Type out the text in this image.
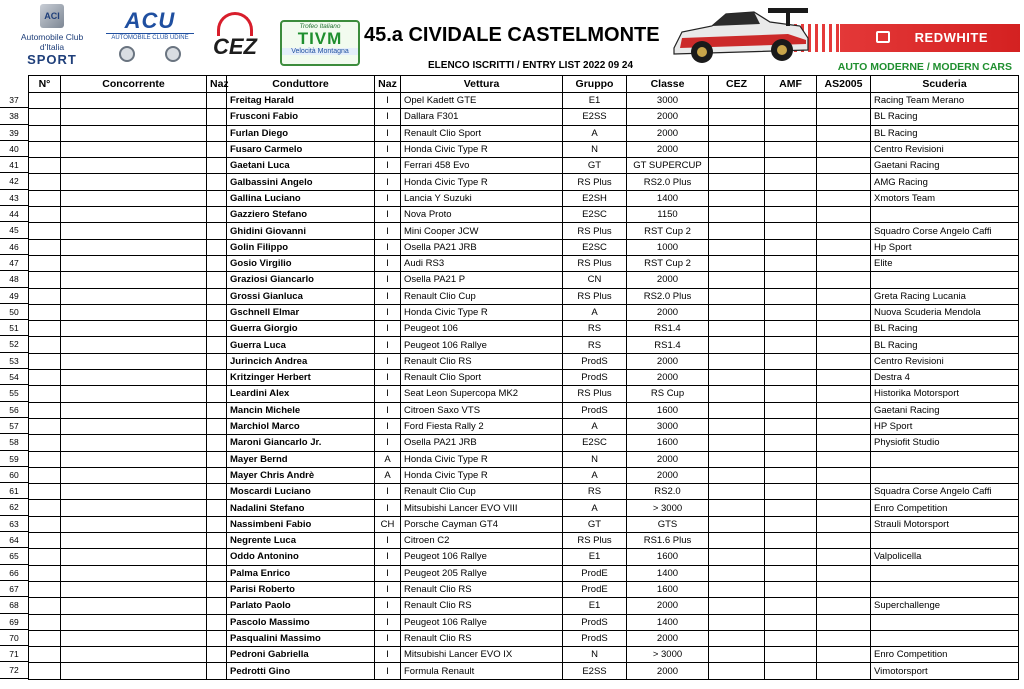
ACI
Automobile Club d'Italia
SPORT
ACU
AUTOMOBILE CLUB UDINE	CEZ
Trofeo Italiano
TIVM
Velocità Montagna
45.a CIVIDALE CASTELMONTE
ELENCO ISCRITTI / ENTRY LIST 2022 09 24
REDWHITE
AUTO MODERNE / MODERN CARS
37
38
39
40
41
42
43
44
45
46
47
48
49
50
51
52
53
54
55
56
57
58
59
60
61
62
63
64
65
66
67
68
69
70
71
72
N°	Concorrente	Naz	Conduttore	Naz	Vettura	Gruppo	Classe	CEZ	AMF	AS2005	Scuderia
			Freitag Harald	I	Opel Kadett GTE	E1	3000				Racing Team Merano
			Frusconi Fabio	I	Dallara F301	E2SS	2000				BL Racing
			Furlan Diego	I	Renault Clio Sport	A	2000				BL Racing
			Fusaro Carmelo	I	Honda Civic Type R	N	2000				Centro Revisioni
			Gaetani Luca	I	Ferrari 458 Evo	GT	GT SUPERCUP				Gaetani Racing
			Galbassini Angelo	I	Honda Civic Type R	RS Plus	RS2.0 Plus				AMG Racing
			Gallina Luciano	I	Lancia Y Suzuki	E2SH	1400				Xmotors Team
			Gazziero Stefano	I	Nova Proto	E2SC	1150				
			Ghidini Giovanni	I	Mini Cooper JCW	RS Plus	RST Cup 2				Squadro Corse Angelo Caffi
			Golin Filippo	I	Osella PA21 JRB	E2SC	1000				Hp Sport
			Gosio Virgilio	I	Audi RS3	RS Plus	RST Cup 2				Elite
			Graziosi Giancarlo	I	Osella PA21 P	CN	2000				
			Grossi Gianluca	I	Renault Clio Cup	RS Plus	RS2.0 Plus				Greta Racing Lucania
			Gschnell Elmar	I	Honda Civic Type R	A	2000				Nuova Scuderia Mendola
			Guerra Giorgio	I	Peugeot 106	RS	RS1.4				BL Racing
			Guerra Luca	I	Peugeot 106 Rallye	RS	RS1.4				BL Racing
			Jurincich Andrea	I	Renault Clio RS	ProdS	2000				Centro Revisioni
			Kritzinger Herbert	I	Renault Clio Sport	ProdS	2000				Destra 4
			Leardini Alex	I	Seat Leon Supercopa MK2	RS Plus	RS Cup				Historika Motorsport
			Mancin Michele	I	Citroen Saxo VTS	ProdS	1600				Gaetani Racing
			Marchiol Marco	I	Ford Fiesta Rally 2	A	3000				HP Sport
			Maroni Giancarlo Jr.	I	Osella PA21 JRB	E2SC	1600				Physiofit Studio
			Mayer Bernd	A	Honda Civic Type R	N	2000				
			Mayer Chris Andrè	A	Honda Civic Type R	A	2000				
			Moscardi Luciano	I	Renault Clio Cup	RS	RS2.0				Squadra Corse Angelo Caffi
			Nadalini Stefano	I	Mitsubishi Lancer EVO VIII	A	> 3000				Enro Competition
			Nassimbeni Fabio	CH	Porsche Cayman GT4	GT	GTS				Strauli Motorsport
			Negrente Luca	I	Citroen C2	RS Plus	RS1.6 Plus				
			Oddo Antonino	I	Peugeot 106 Rallye	E1	1600				Valpolicella
			Palma Enrico	I	Peugeot 205 Rallye	ProdE	1400				
			Parisi Roberto	I	Renault Clio RS	ProdE	1600				
			Parlato Paolo	I	Renault Clio RS	E1	2000				Superchallenge
			Pascolo Massimo	I	Peugeot 106 Rallye	ProdS	1400				
			Pasqualini Massimo	I	Renault Clio RS	ProdS	2000				
			Pedroni Gabriella	I	Mitsubishi Lancer EVO IX	N	> 3000				Enro Competition
			Pedrotti Gino	I	Formula Renault	E2SS	2000				Vimotorsport
